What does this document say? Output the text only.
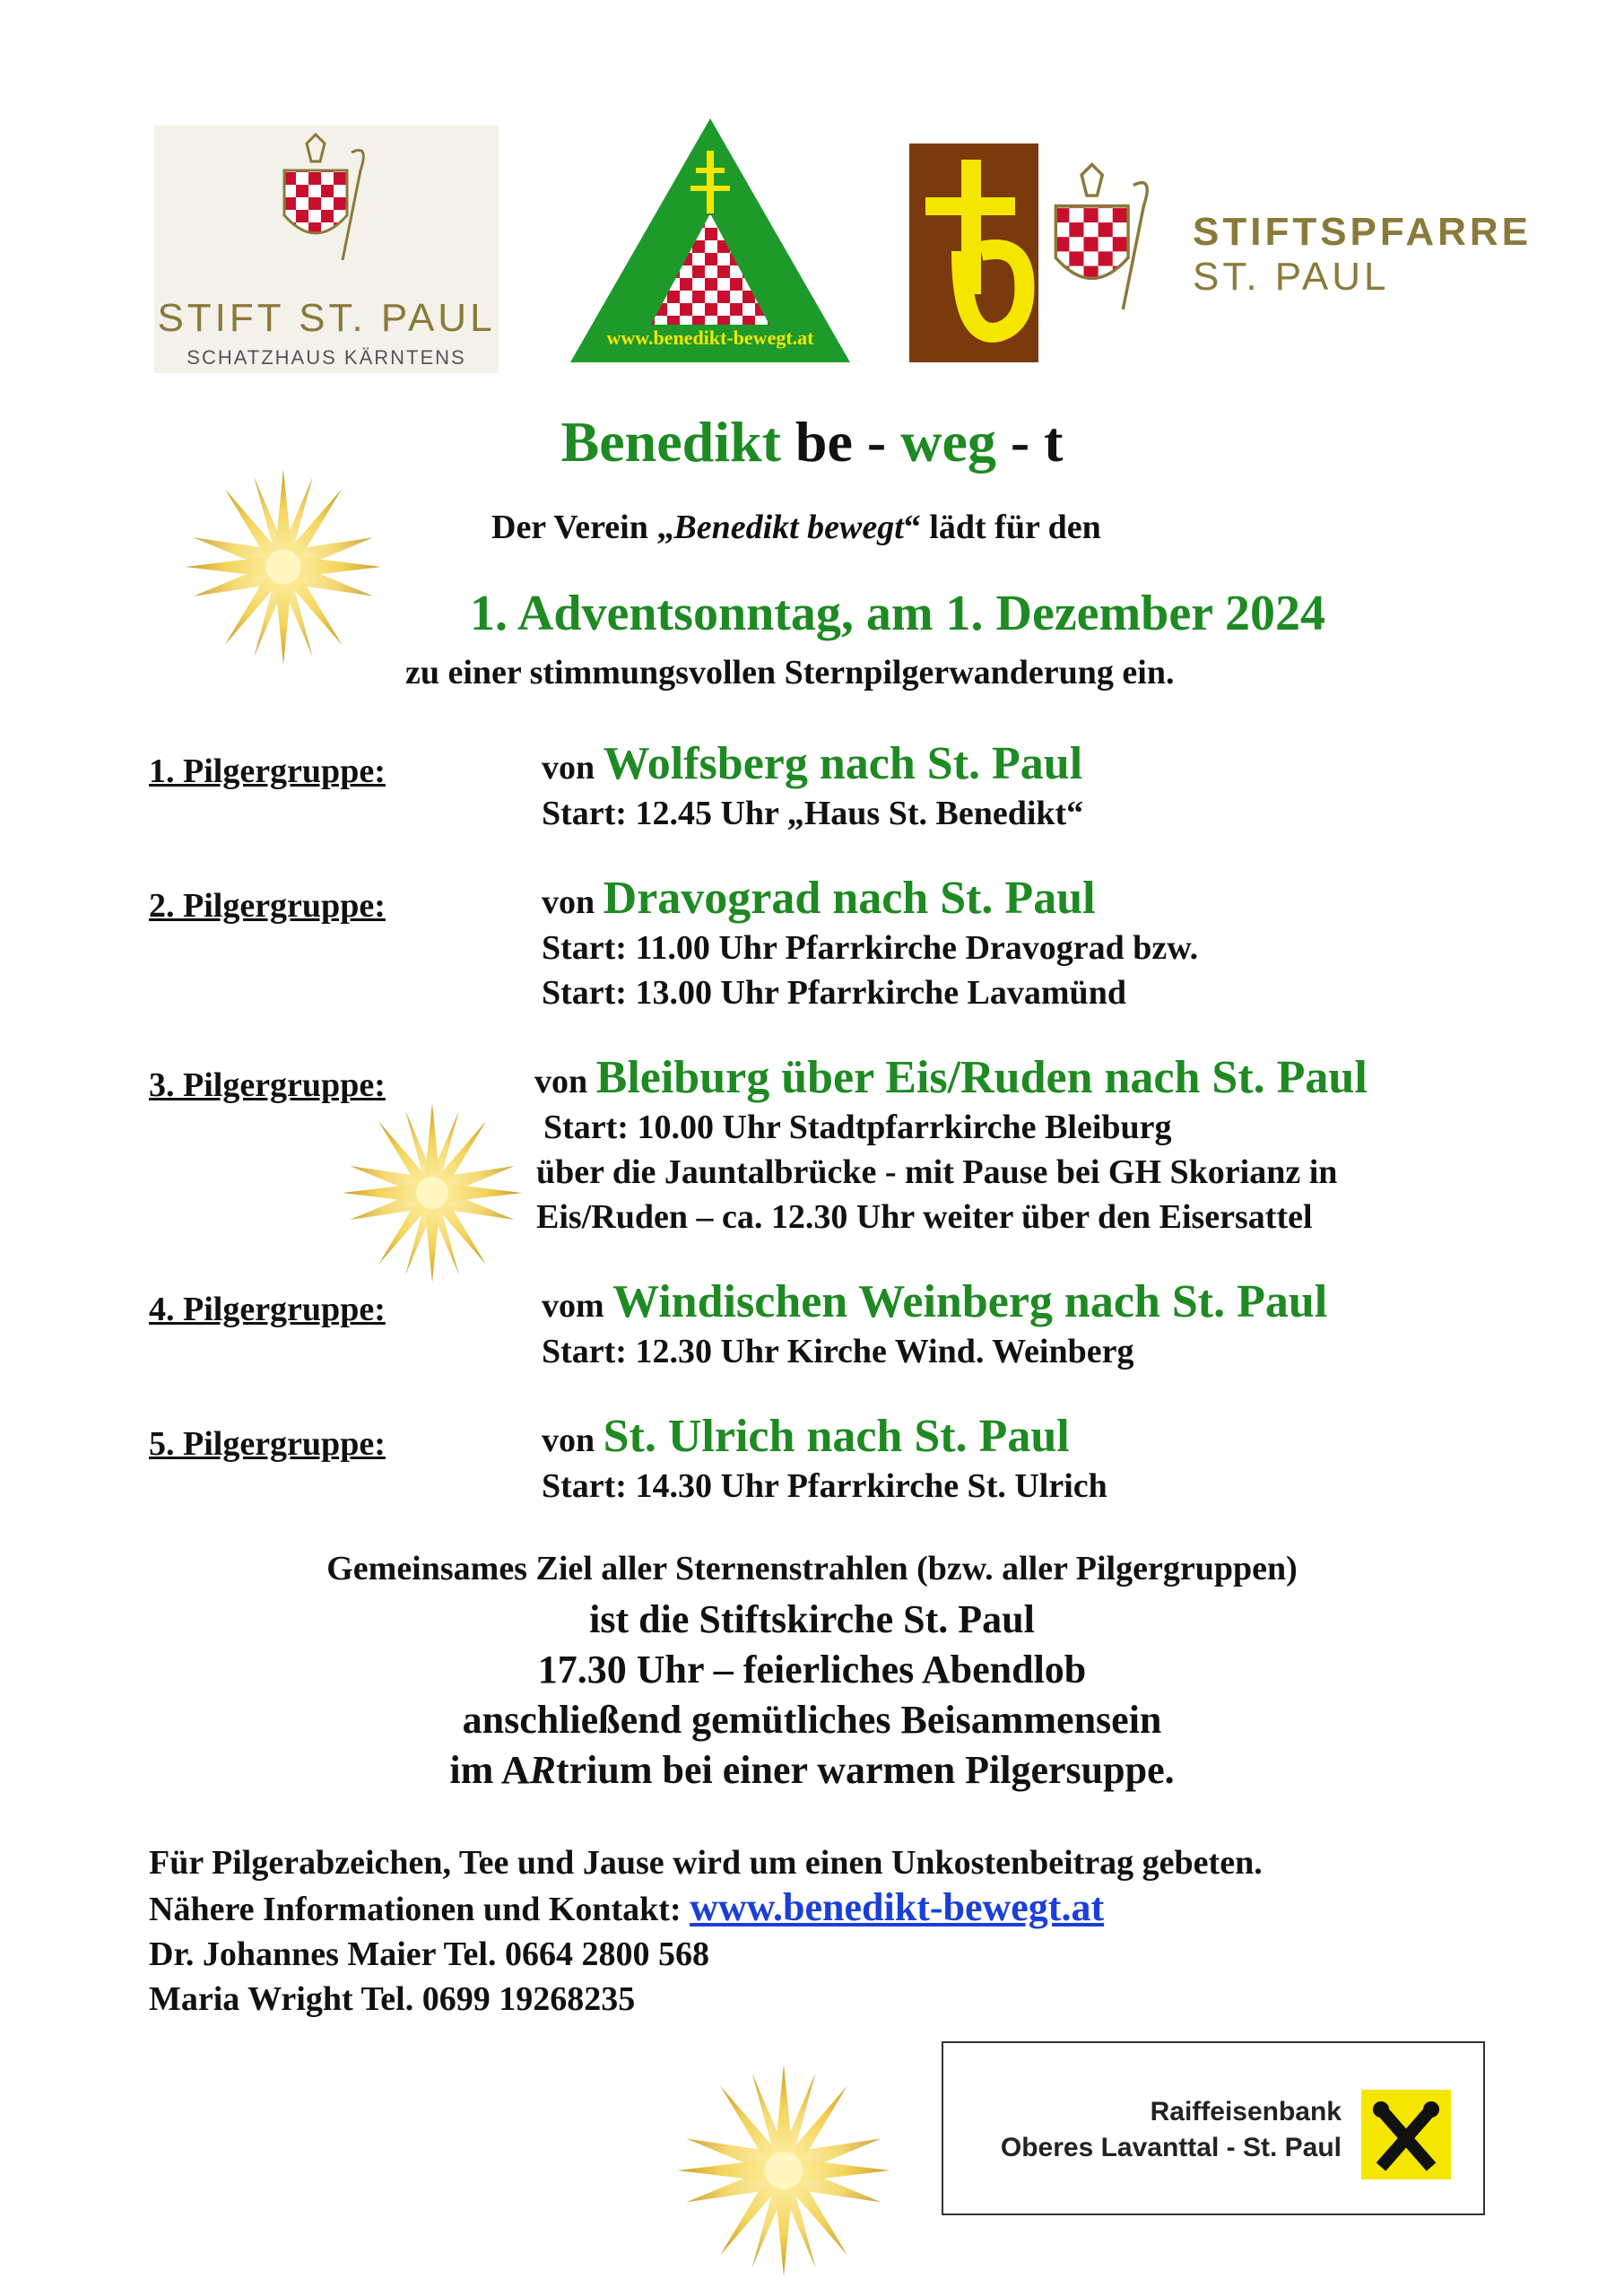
STIFT ST. PAUL
SCHATZHAUS KÄRNTENS
www.benedikt-bewegt.at
STIFTSPFARRE
ST. PAUL
Benedikt be - weg - t
Der Verein „Benedikt bewegt“ lädt für den
1. Adventsonntag, am 1. Dezember 2024
zu einer stimmungsvollen Sternpilgerwanderung ein.
1. Pilgergruppe:	von Wolfsberg nach St. Paul
Start: 12.45 Uhr „Haus St. Benedikt“
2. Pilgergruppe:	von Dravograd nach St. Paul
Start: 11.00 Uhr Pfarrkirche Dravograd bzw.
Start: 13.00 Uhr Pfarrkirche Lavamünd
3. Pilgergruppe:	von Bleiburg über Eis/Ruden nach St. Paul
Start: 10.00 Uhr Stadtpfarrkirche Bleiburg
über die Jauntalbrücke - mit Pause bei GH Skorianz in
Eis/Ruden – ca. 12.30 Uhr weiter über den Eisersattel
4. Pilgergruppe:	vom Windischen Weinberg nach St. Paul
Start: 12.30 Uhr Kirche Wind. Weinberg
5. Pilgergruppe:	von St. Ulrich nach St. Paul
Start: 14.30 Uhr Pfarrkirche St. Ulrich
Gemeinsames Ziel aller Sternenstrahlen (bzw. aller Pilgergruppen)
ist die Stiftskirche St. Paul
17.30 Uhr – feierliches Abendlob
anschließend gemütliches Beisammensein
im ARtrium bei einer warmen Pilgersuppe.
Für Pilgerabzeichen, Tee und Jause wird um einen Unkostenbeitrag gebeten.
Nähere Informationen und Kontakt: www.benedikt-bewegt.at
Dr. Johannes Maier Tel. 0664 2800 568
Maria Wright Tel. 0699 19268235
Raiffeisenbank
Oberes Lavanttal - St. Paul
